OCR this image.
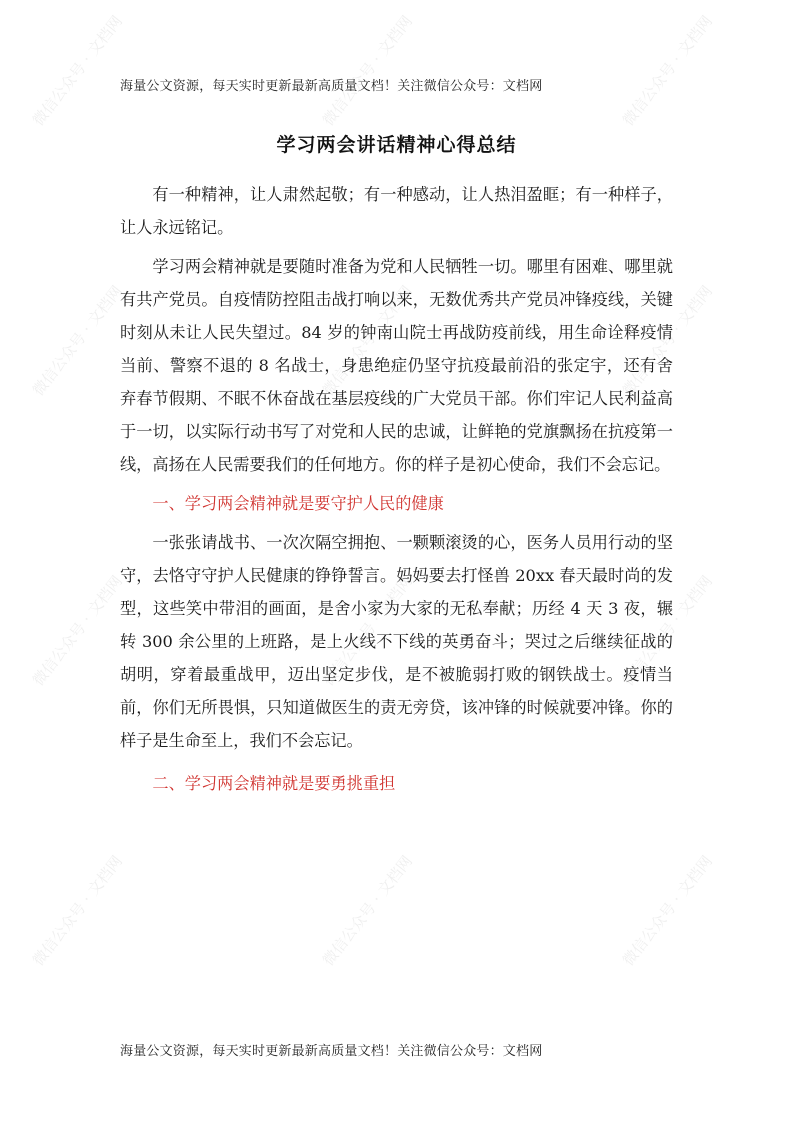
微信公众号 · 文档网	微信公众号 · 文档网	微信公众号 · 文档网
微信公众号 · 文档网	微信公众号 · 文档网	微信公众号 · 文档网
微信公众号 · 文档网	微信公众号 · 文档网	微信公众号 · 文档网
微信公众号 · 文档网	微信公众号 · 文档网	微信公众号 · 文档网
海量公文资源，每天实时更新最新高质量文档！关注微信公众号：文档网
学习两会讲话精神心得总结

有一种精神，让人肃然起敬；有一种感动，让人热泪盈眶；有一种样子，让人永远铭记。

学习两会精神就是要随时准备为党和人民牺牲一切。哪里有困难、哪里就有共产党员。自疫情防控阻击战打响以来，无数优秀共产党员冲锋疫线，关键时刻从未让人民失望过。84 岁的钟南山院士再战防疫前线，用生命诠释疫情当前、警察不退的 8 名战士，身患绝症仍坚守抗疫最前沿的张定宇，还有舍弃春节假期、不眠不休奋战在基层疫线的广大党员干部。你们牢记人民利益高于一切，以实际行动书写了对党和人民的忠诚，让鲜艳的党旗飘扬在抗疫第一线，高扬在人民需要我们的任何地方。你的样子是初心使命，我们不会忘记。

一、学习两会精神就是要守护人民的健康

一张张请战书、一次次隔空拥抱、一颗颗滚烫的心，医务人员用行动的坚守，去恪守守护人民健康的铮铮誓言。妈妈要去打怪兽 20xx 春天最时尚的发型，这些笑中带泪的画面，是舍小家为大家的无私奉献；历经 4 天 3 夜，辗转 300 余公里的上班路，是上火线不下线的英勇奋斗；哭过之后继续征战的胡明，穿着最重战甲，迈出坚定步伐，是不被脆弱打败的钢铁战士。疫情当前，你们无所畏惧，只知道做医生的责无旁贷，该冲锋的时候就要冲锋。你的样子是生命至上，我们不会忘记。

二、学习两会精神就是要勇挑重担

海量公文资源，每天实时更新最新高质量文档！关注微信公众号：文档网
